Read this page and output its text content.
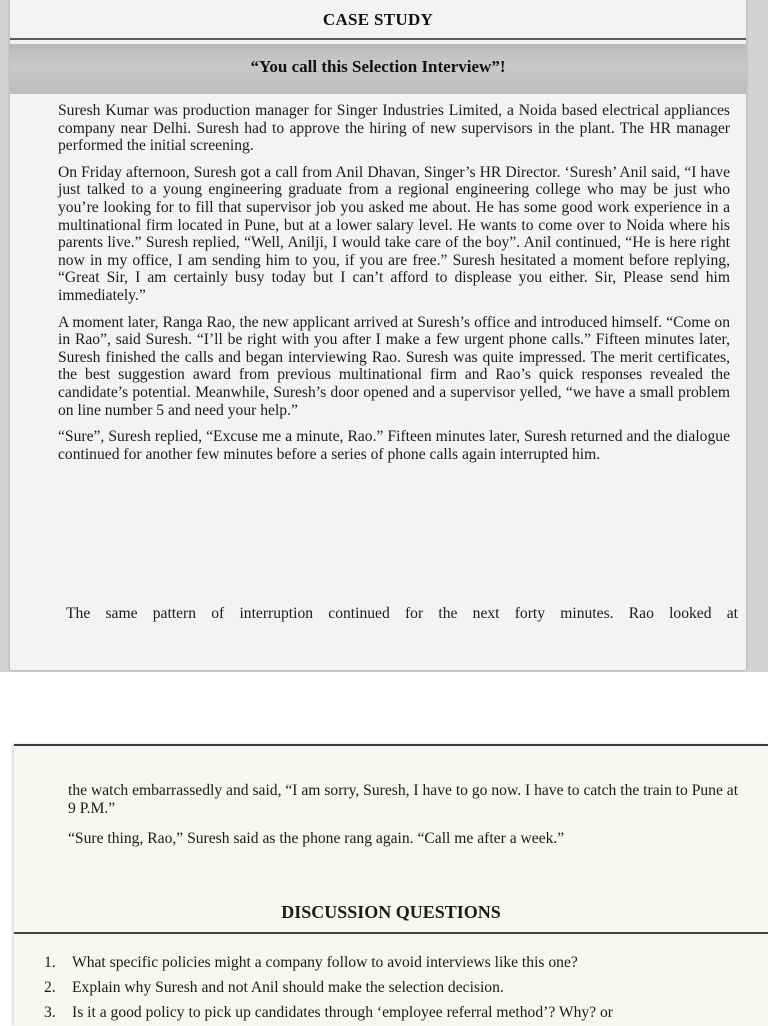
CASE STUDY
“You call this Selection Interview”!

Suresh Kumar was production manager for Singer Industries Limited, a Noida based electrical appliances company near Delhi. Suresh had to approve the hiring of new supervisors in the plant. The HR manager performed the initial screening.

On Friday afternoon, Suresh got a call from Anil Dhavan, Singer’s HR Director. ‘Suresh’ Anil said, “I have just talked to a young engineering graduate from a regional engineering college who may be just who you’re looking for to fill that supervisor job you asked me about. He has some good work experience in a multinational firm located in Pune, but at a lower salary level. He wants to come over to Noida where his parents live.” Suresh replied, “Well, Anilji, I would take care of the boy”. Anil continued, “He is here right now in my office, I am sending him to you, if you are free.” Suresh hesitated a moment before replying, “Great Sir, I am certainly busy today but I can’t afford to displease you either. Sir, Please send him immediately.”

A moment later, Ranga Rao, the new applicant arrived at Suresh’s office and introduced himself. “Come on in Rao”, said Suresh. “I’ll be right with you after I make a few urgent phone calls.” Fifteen minutes later, Suresh finished the calls and began interviewing Rao. Suresh was quite impressed. The merit certificates, the best suggestion award from previous multinational firm and Rao’s quick responses revealed the candidate’s potential. Meanwhile, Suresh’s door opened and a supervisor yelled, “we have a small problem on line number 5 and need your help.”

“Sure”, Suresh replied, “Excuse me a minute, Rao.” Fifteen minutes later, Suresh returned and the dialogue continued for another few minutes before a series of phone calls again interrupted him.

The same pattern of interruption continued for the next forty minutes. Rao looked at

the watch embarrassedly and said, “I am sorry, Suresh, I have to go now. I have to catch the train to Pune at 9 P.M.”

“Sure thing, Rao,” Suresh said as the phone rang again. “Call me after a week.”

DISCUSSION QUESTIONS
1. What specific policies might a company follow to avoid interviews like this one?
2. Explain why Suresh and not Anil should make the selection decision.
3. Is it a good policy to pick up candidates through ‘employee referral method’? Why? or
